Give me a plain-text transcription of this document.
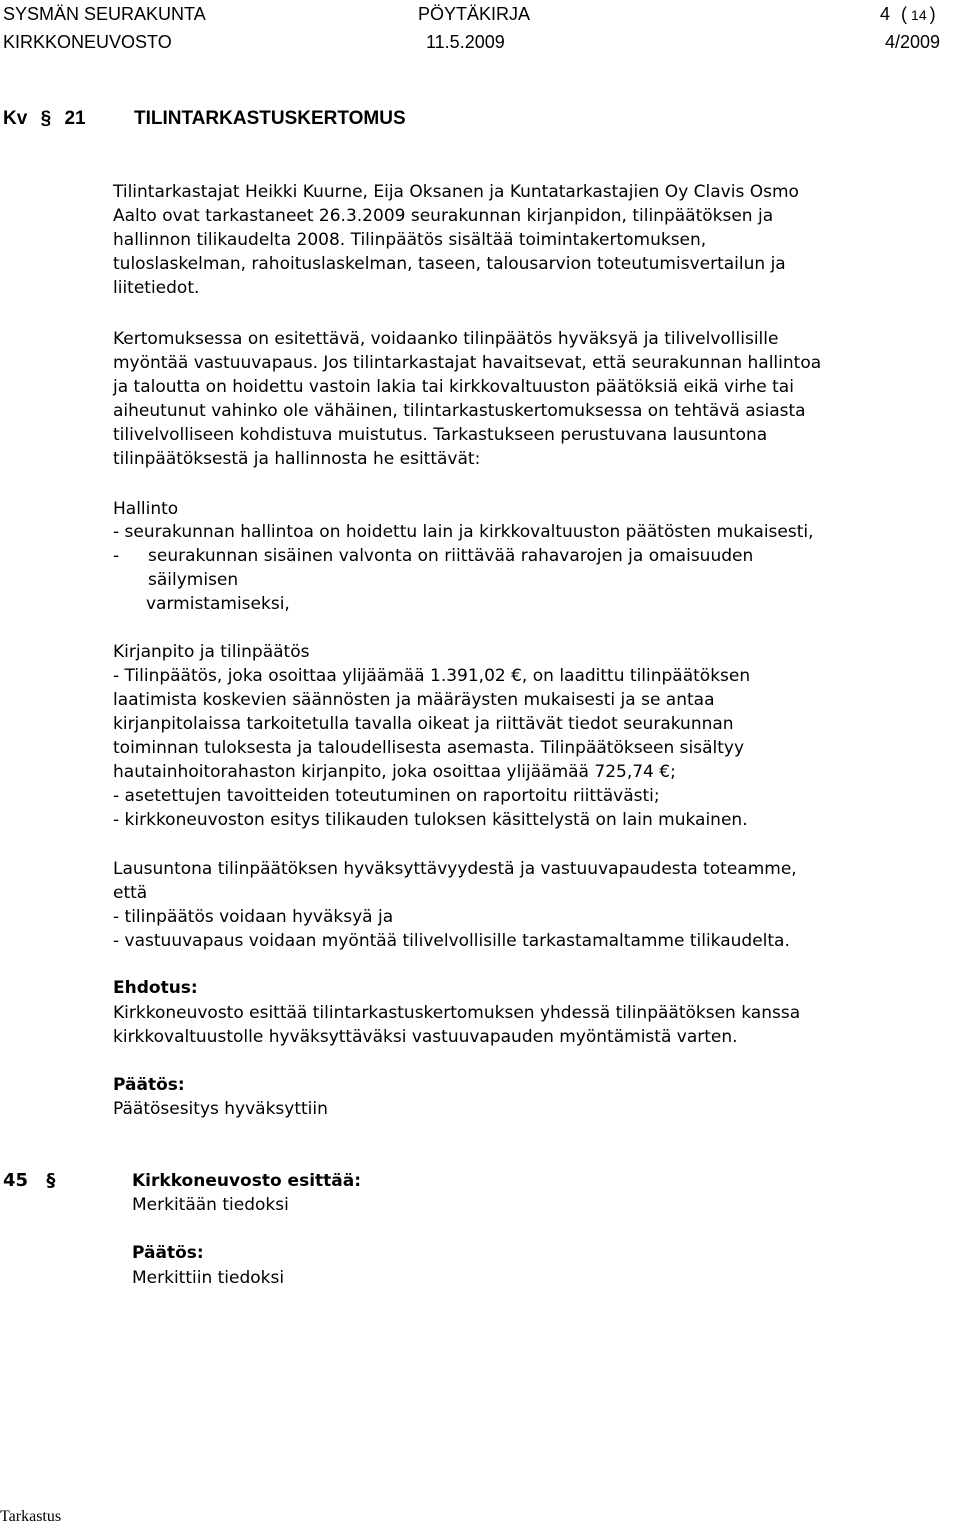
SYSMÄN SEURAKUNTA
KIRKKONEUVOSTO
PÖYTÄKIRJA
11.5.2009
4 ( 14 )
4/2009
Kv § 21	TILINTARKASTUSKERTOMUS
Tilintarkastajat Heikki Kuurne, Eija Oksanen ja Kuntatarkastajien Oy Clavis Osmo
Aalto ovat tarkastaneet 26.3.2009 seurakunnan kirjanpidon, tilinpäätöksen ja
hallinnon tilikaudelta 2008. Tilinpäätös sisältää toimintakertomuksen,
tuloslaskelman, rahoituslaskelman, taseen, talousarvion toteutumisvertailun ja
liitetiedot.
Kertomuksessa on esitettävä, voidaanko tilinpäätös hyväksyä ja tilivelvollisille
myöntää vastuuvapaus. Jos tilintarkastajat havaitsevat, että seurakunnan hallintoa
ja taloutta on hoidettu vastoin lakia tai kirkkovaltuuston päätöksiä eikä virhe tai
aiheutunut vahinko ole vähäinen, tilintarkastuskertomuksessa on tehtävä asiasta
tilivelvolliseen kohdistuva muistutus. Tarkastukseen perustuvana lausuntona
tilinpäätöksestä ja hallinnosta he esittävät:
Hallinto
- seurakunnan hallintoa on hoidettu lain ja kirkkovaltuuston päätösten mukaisesti,
- seurakunnan sisäinen valvonta on riittävää rahavarojen ja omaisuuden
säilymisen
varmistamiseksi,
Kirjanpito ja tilinpäätös
- Tilinpäätös, joka osoittaa ylijäämää 1.391,02 €, on laadittu tilinpäätöksen
laatimista koskevien säännösten ja määräysten mukaisesti ja se antaa
kirjanpitolaissa tarkoitetulla tavalla oikeat ja riittävät tiedot seurakunnan
toiminnan tuloksesta ja taloudellisesta asemasta. Tilinpäätökseen sisältyy
hautainhoitorahaston kirjanpito, joka osoittaa ylijäämää 725,74 €;
- asetettujen tavoitteiden toteutuminen on raportoitu riittävästi;
- kirkkoneuvoston esitys tilikauden tuloksen käsittelystä on lain mukainen.
Lausuntona tilinpäätöksen hyväksyttävyydestä ja vastuuvapaudesta toteamme,
että
- tilinpäätös voidaan hyväksyä ja
- vastuuvapaus voidaan myöntää tilivelvollisille tarkastamaltamme tilikaudelta.
Ehdotus:
Kirkkoneuvosto esittää tilintarkastuskertomuksen yhdessä tilinpäätöksen kanssa
kirkkovaltuustolle hyväksyttäväksi vastuuvapauden myöntämistä varten.
Päätös:
Päätösesitys hyväksyttiin
45 §	Kirkkoneuvosto esittää:
Merkitään tiedoksi
Päätös:
Merkittiin tiedoksi
Tarkastus
